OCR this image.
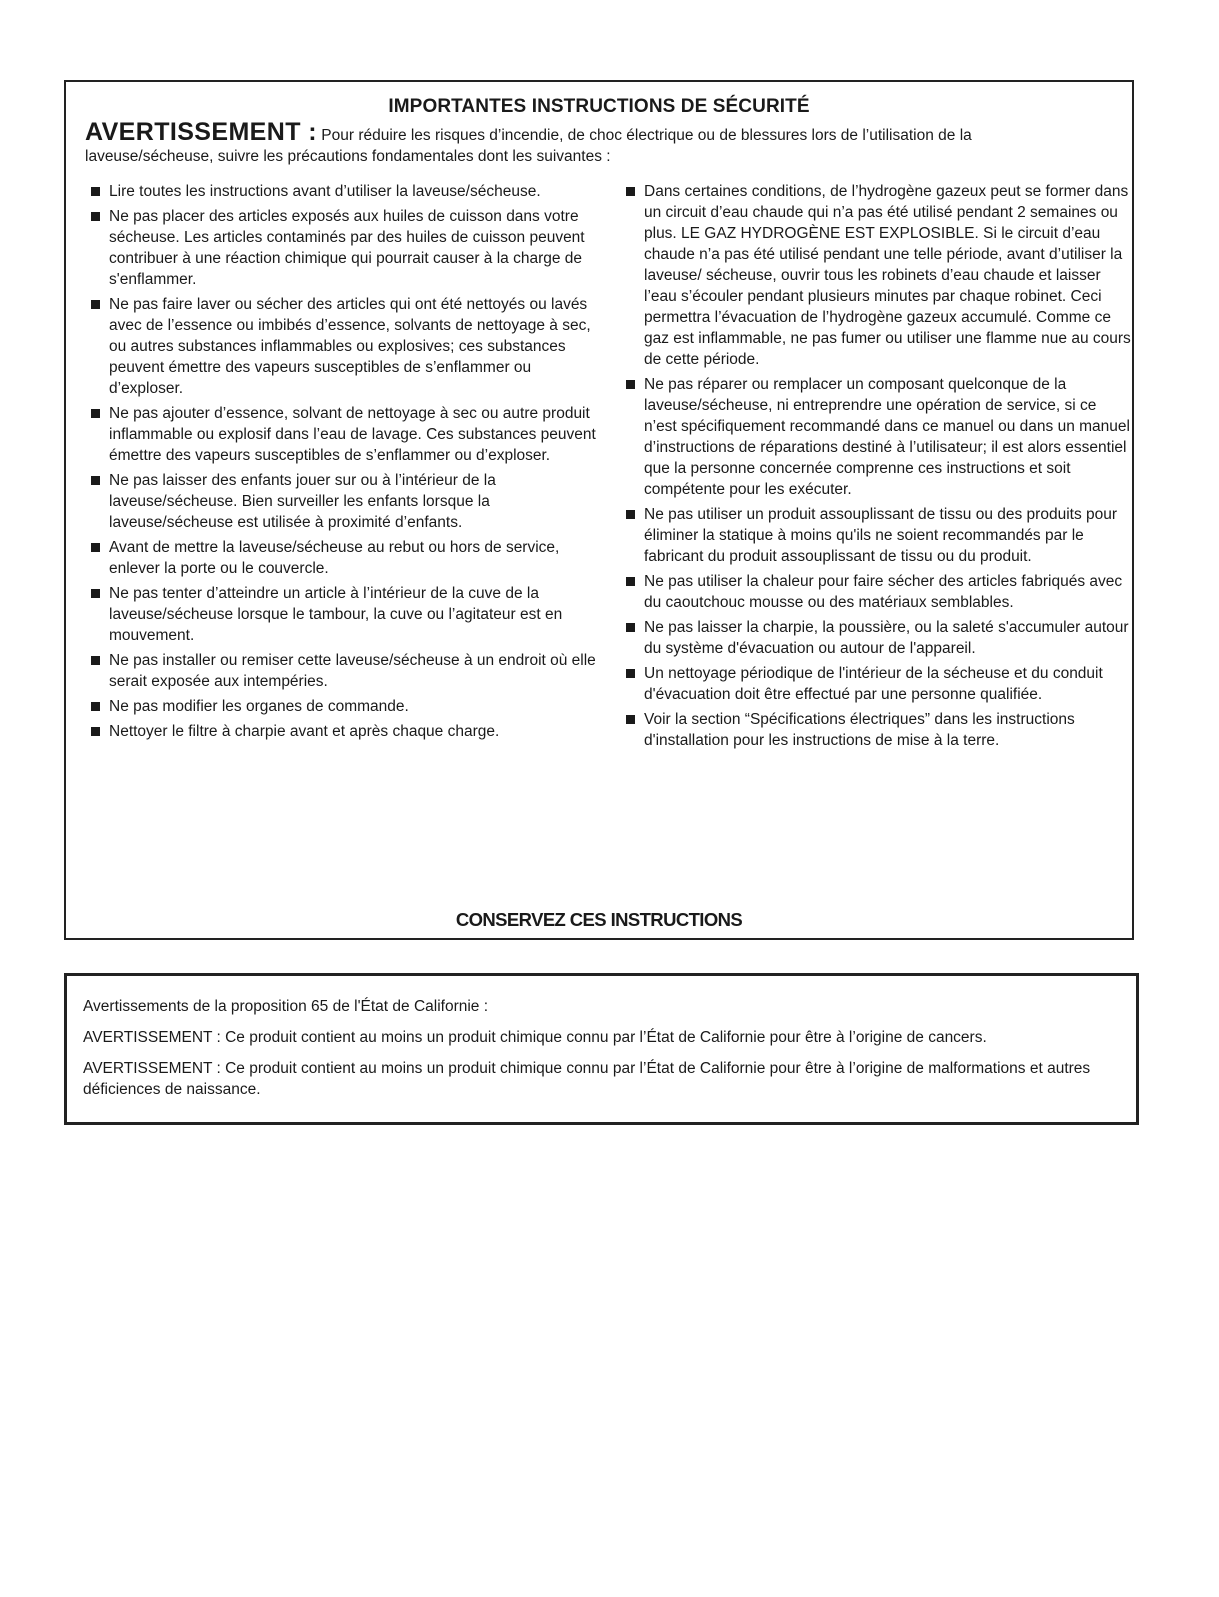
IMPORTANTES INSTRUCTIONS DE SÉCURITÉ
AVERTISSEMENT : Pour réduire les risques d’incendie, de choc électrique ou de blessures lors de l’utilisation de la laveuse/sécheuse, suivre les précautions fondamentales dont les suivantes :
Lire toutes les instructions avant d’utiliser la laveuse/sécheuse.
Ne pas placer des articles exposés aux huiles de cuisson dans votre sécheuse. Les articles contaminés par des huiles de cuisson peuvent contribuer à une réaction chimique qui pourrait causer à la charge de s'enflammer.
Ne pas faire laver ou sécher des articles qui ont été nettoyés ou lavés avec de l’essence ou imbibés d’essence, solvants de nettoyage à sec, ou autres substances inflammables ou explosives; ces substances peuvent émettre des vapeurs susceptibles de s’enflammer ou d’exploser.
Ne pas ajouter d’essence, solvant de nettoyage à sec ou autre produit inflammable ou explosif dans l’eau de lavage. Ces substances peuvent émettre des vapeurs susceptibles de s’enflammer ou d’exploser.
Ne pas laisser des enfants jouer sur ou à l’intérieur de la laveuse/sécheuse. Bien surveiller les enfants lorsque la laveuse/sécheuse est utilisée à proximité d’enfants.
Avant de mettre la laveuse/sécheuse au rebut ou hors de service, enlever la porte ou le couvercle.
Ne pas tenter d’atteindre un article à l’intérieur de la cuve de la laveuse/sécheuse lorsque le tambour, la cuve ou l’agitateur est en mouvement.
Ne pas installer ou remiser cette laveuse/sécheuse à un endroit où elle serait exposée aux intempéries.
Ne pas modifier les organes de commande.
Nettoyer le filtre à charpie avant et après chaque charge.
Dans certaines conditions, de l’hydrogène gazeux peut se former dans un circuit d’eau chaude qui n’a pas été utilisé pendant 2 semaines ou plus. LE GAZ HYDROGÈNE EST EXPLOSIBLE. Si le circuit d’eau chaude n’a pas été utilisé pendant une telle période, avant d’utiliser la laveuse/ sécheuse, ouvrir tous les robinets d’eau chaude et laisser l’eau s’écouler pendant plusieurs minutes par chaque robinet. Ceci permettra l’évacuation de l’hydrogène gazeux accumulé. Comme ce gaz est inflammable, ne pas fumer ou utiliser une flamme nue au cours de cette période.
Ne pas réparer ou remplacer un composant quelconque de la laveuse/sécheuse, ni entreprendre une opération de service, si ce n’est spécifiquement recommandé dans ce manuel ou dans un manuel d’instructions de réparations destiné à l’utilisateur; il est alors essentiel que la personne concernée comprenne ces instructions et soit compétente pour les exécuter.
Ne pas utiliser un produit assouplissant de tissu ou des produits pour éliminer la statique à moins qu'ils ne soient recommandés par le fabricant du produit assouplissant de tissu ou du produit.
Ne pas utiliser la chaleur pour faire sécher des articles fabriqués avec du caoutchouc mousse ou des matériaux semblables.
Ne pas laisser la charpie, la poussière, ou la saleté s'accumuler autour du système d'évacuation ou autour de l'appareil.
Un nettoyage périodique de l'intérieur de la sécheuse et du conduit d'évacuation doit être effectué par une personne qualifiée.
Voir la section “Spécifications électriques” dans les instructions d'installation pour les instructions de mise à la terre.
CONSERVEZ CES INSTRUCTIONS

Avertissements de la proposition 65 de l'État de Californie :

AVERTISSEMENT : Ce produit contient au moins un produit chimique connu par l’État de Californie pour être à l’origine de cancers.

AVERTISSEMENT : Ce produit contient au moins un produit chimique connu par l’État de Californie pour être à l’origine de malformations et autres déficiences de naissance.
